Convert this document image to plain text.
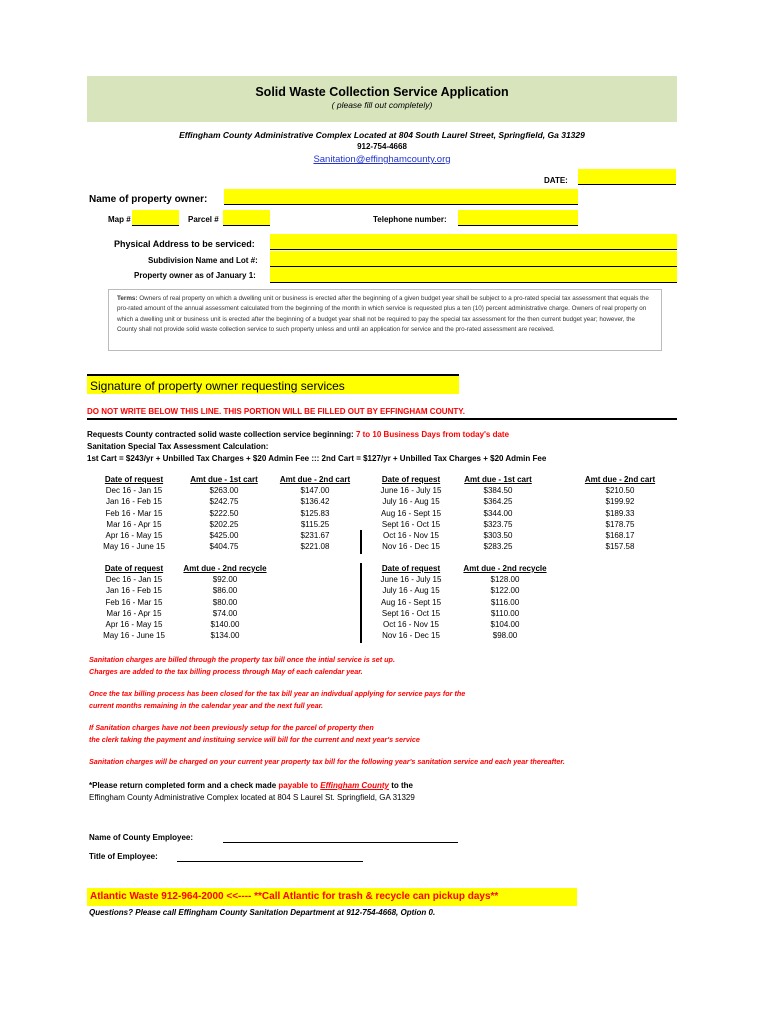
Solid Waste Collection Service Application
( please fill out completely)
Effingham County Administrative Complex Located at 804 South Laurel Street, Springfield, Ga 31329
912-754-4668
Sanitation@effinghamcounty.org
DATE:
Name of property owner:
Map #	Parcel #	Telephone number:
Physical Address to be serviced:
Subdivision Name and Lot #:
Property owner as of January 1:
Terms: Owners of real property on which a dwelling unit or business is erected after the beginning of a given budget year shall be subject to a pro-rated special tax assessment that equals the pro-rated amount of the annual assessment calculated from the beginning of the month in which service is requested plus a ten (10) percent administrative charge. Owners of real property on which a dwelling unit or business unit is erected after the beginning of a budget year shall not be required to pay the special tax assessment for the then current budget year; however, the County shall not provide solid waste collection service to such property unless and until an application for service and the pro-rated assessment are received.
Signature of property owner requesting services
DO NOT WRITE BELOW THIS LINE. THIS PORTION WILL BE FILLED OUT BY EFFINGHAM COUNTY.
Requests County contracted solid waste collection service beginning: 7 to 10 Business Days from today's date
Sanitation Special Tax Assessment Calculation:
1st Cart = $243/yr + Unbilled Tax Charges + $20 Admin Fee ::: 2nd Cart = $127/yr + Unbilled Tax Charges + $20 Admin Fee
Date of request
Dec 16 - Jan 15
Jan 16 - Feb 15
Feb 16 - Mar 15
Mar 16 - Apr 15
Apr 16 - May 15
May 16 - June 15
Amt due - 1st cart
$263.00
$242.75
$222.50
$202.25
$425.00
$404.75
Amt due - 2nd cart
$147.00
$136.42
$125.83
$115.25
$231.67
$221.08
Date of request
June 16 - July 15
July 16 - Aug 15
Aug 16 - Sept 15
Sept 16 - Oct 15
Oct 16 - Nov 15
Nov 16 - Dec 15
Amt due - 1st cart
$384.50
$364.25
$344.00
$323.75
$303.50
$283.25
Amt due - 2nd cart
$210.50
$199.92
$189.33
$178.75
$168.17
$157.58
Date of request
Dec 16 - Jan 15
Jan 16 - Feb 15
Feb 16 - Mar 15
Mar 16 - Apr 15
Apr 16 - May 15
May 16 - June 15
Amt due - 2nd recycle
$92.00
$86.00
$80.00
$74.00
$140.00
$134.00
Date of request
June 16 - July 15
July 16 - Aug 15
Aug 16 - Sept 15
Sept 16 - Oct 15
Oct 16 - Nov 15
Nov 16 - Dec 15
Amt due - 2nd recycle
$128.00
$122.00
$116.00
$110.00
$104.00
$98.00
Sanitation charges are billed through the property tax bill once the intial service is set up.
Charges are added to the tax billing process through May of each calendar year.
Once the tax billing process has been closed for the tax bill year an indivdual applying for service pays for the
current months remaining in the calendar year and the next full year.
If Sanitation charges have not been previously setup for the parcel of property then
the clerk taking the payment and instituing service will bill for the current and next year's service
Sanitation charges will be charged on your current year property tax bill for the following year's sanitation service and each year thereafter.
*Please return completed form and a check made payable to Effingham County to the
Effingham County Administrative Complex located at 804 S Laurel St. Springfield, GA 31329
Name of County Employee:
Title of Employee:
Atlantic Waste 912-964-2000 <<---- **Call Atlantic for trash & recycle can pickup days**
Questions? Please call Effingham County Sanitation Department at 912-754-4668, Option 0.
